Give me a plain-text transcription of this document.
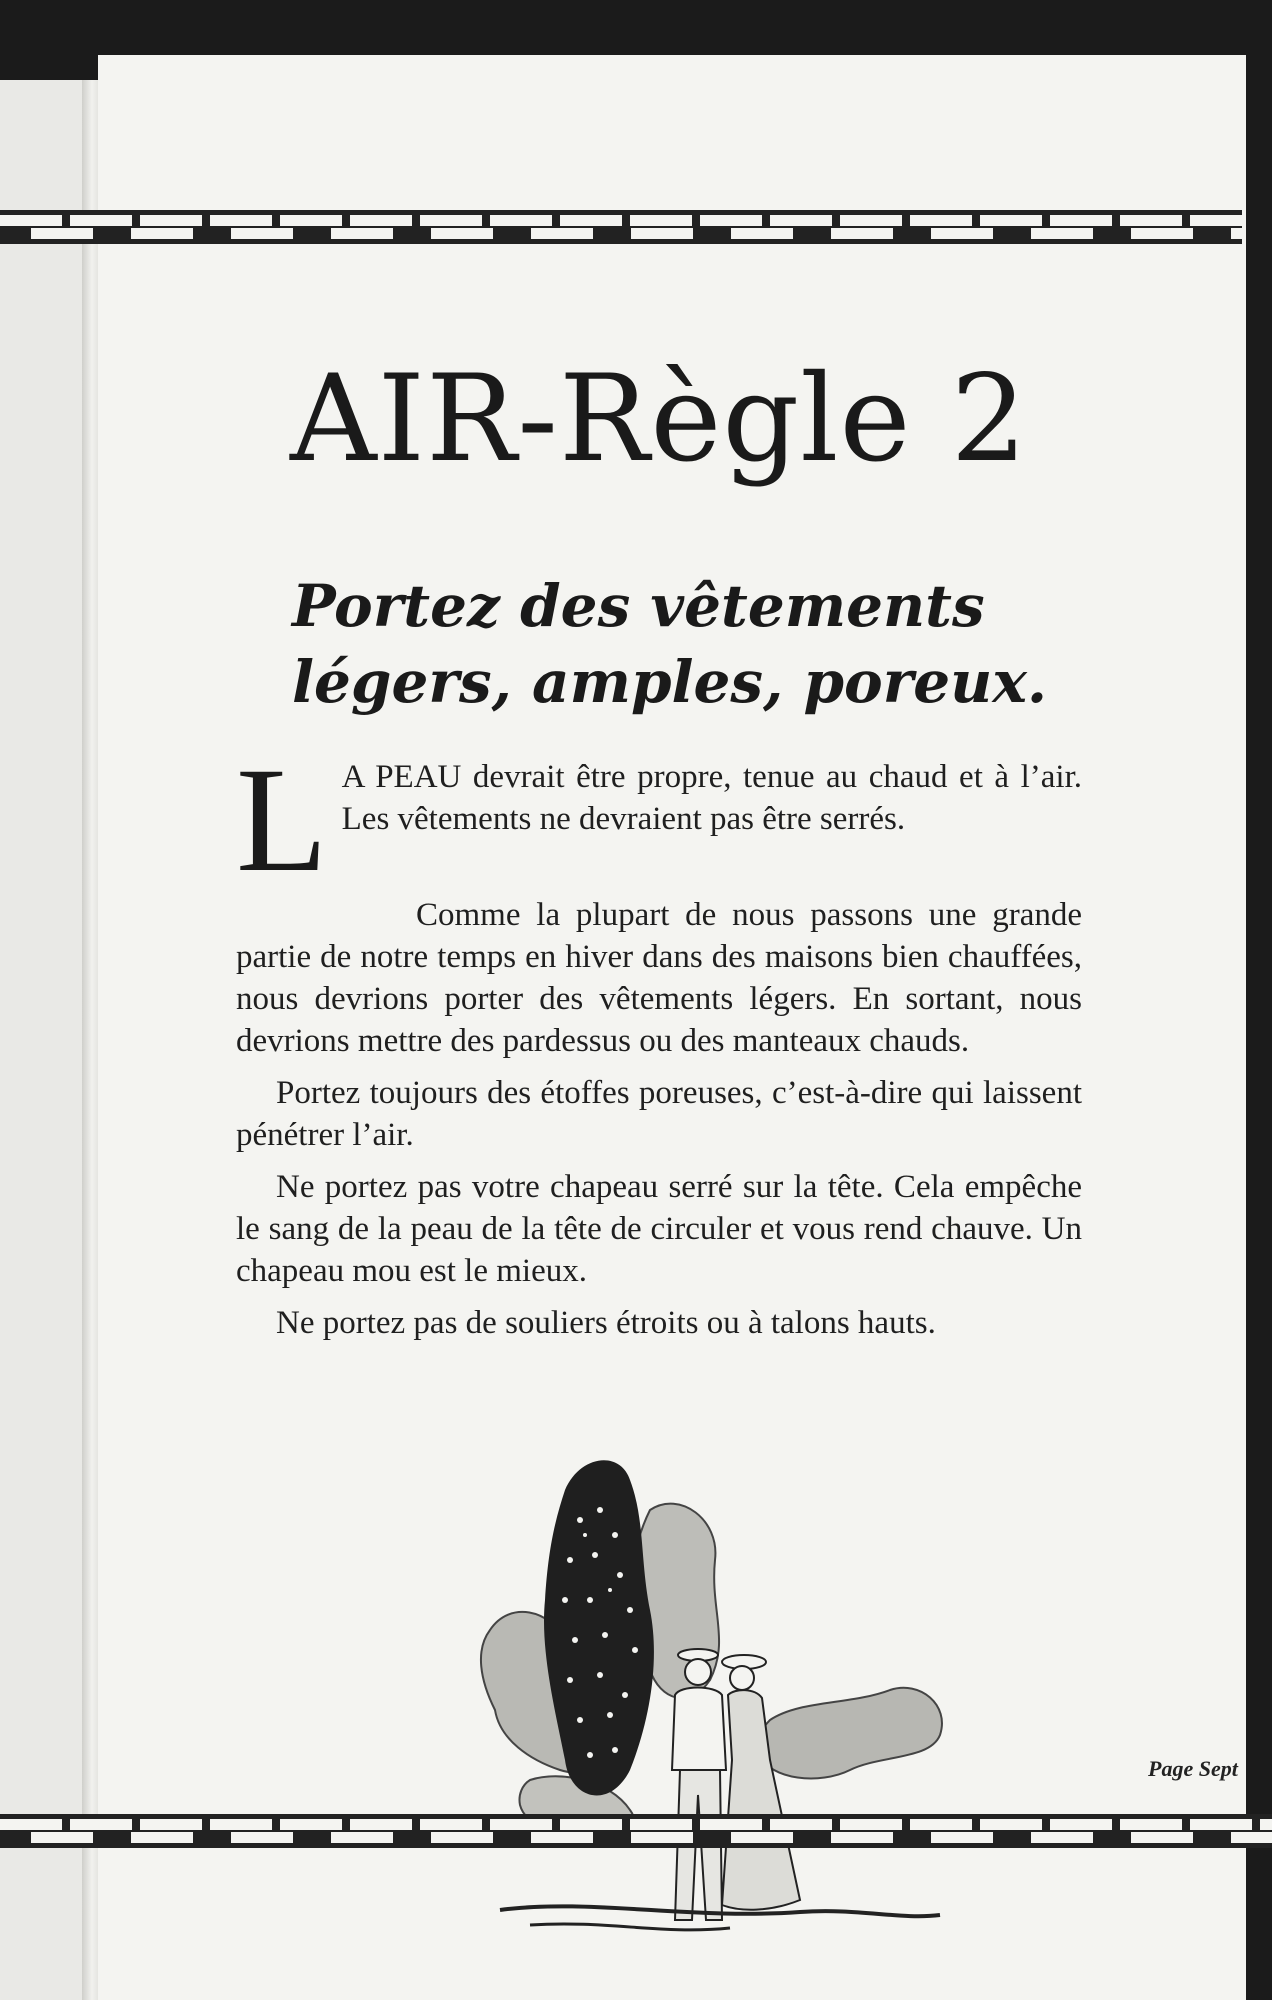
AIR-Règle 2
Portez des vêtements
légers, amples, poreux.

L A PEAU devrait être propre, tenue au chaud et à l’air. Les vêtements ne devraient pas être serrés.

Comme la plupart de nous passons une grande partie de notre temps en hiver dans des maisons bien chauffées, nous devrions porter des vêtements légers. En sortant, nous devrions mettre des pardessus ou des manteaux chauds.

Portez toujours des étoffes poreuses, c’est-à-dire qui laissent pénétrer l’air.

Ne portez pas votre chapeau serré sur la tête. Cela empêche le sang de la peau de la tête de circuler et vous rend chauve. Un chapeau mou est le mieux.

Ne portez pas de souliers étroits ou à talons hauts.

Page Sept
